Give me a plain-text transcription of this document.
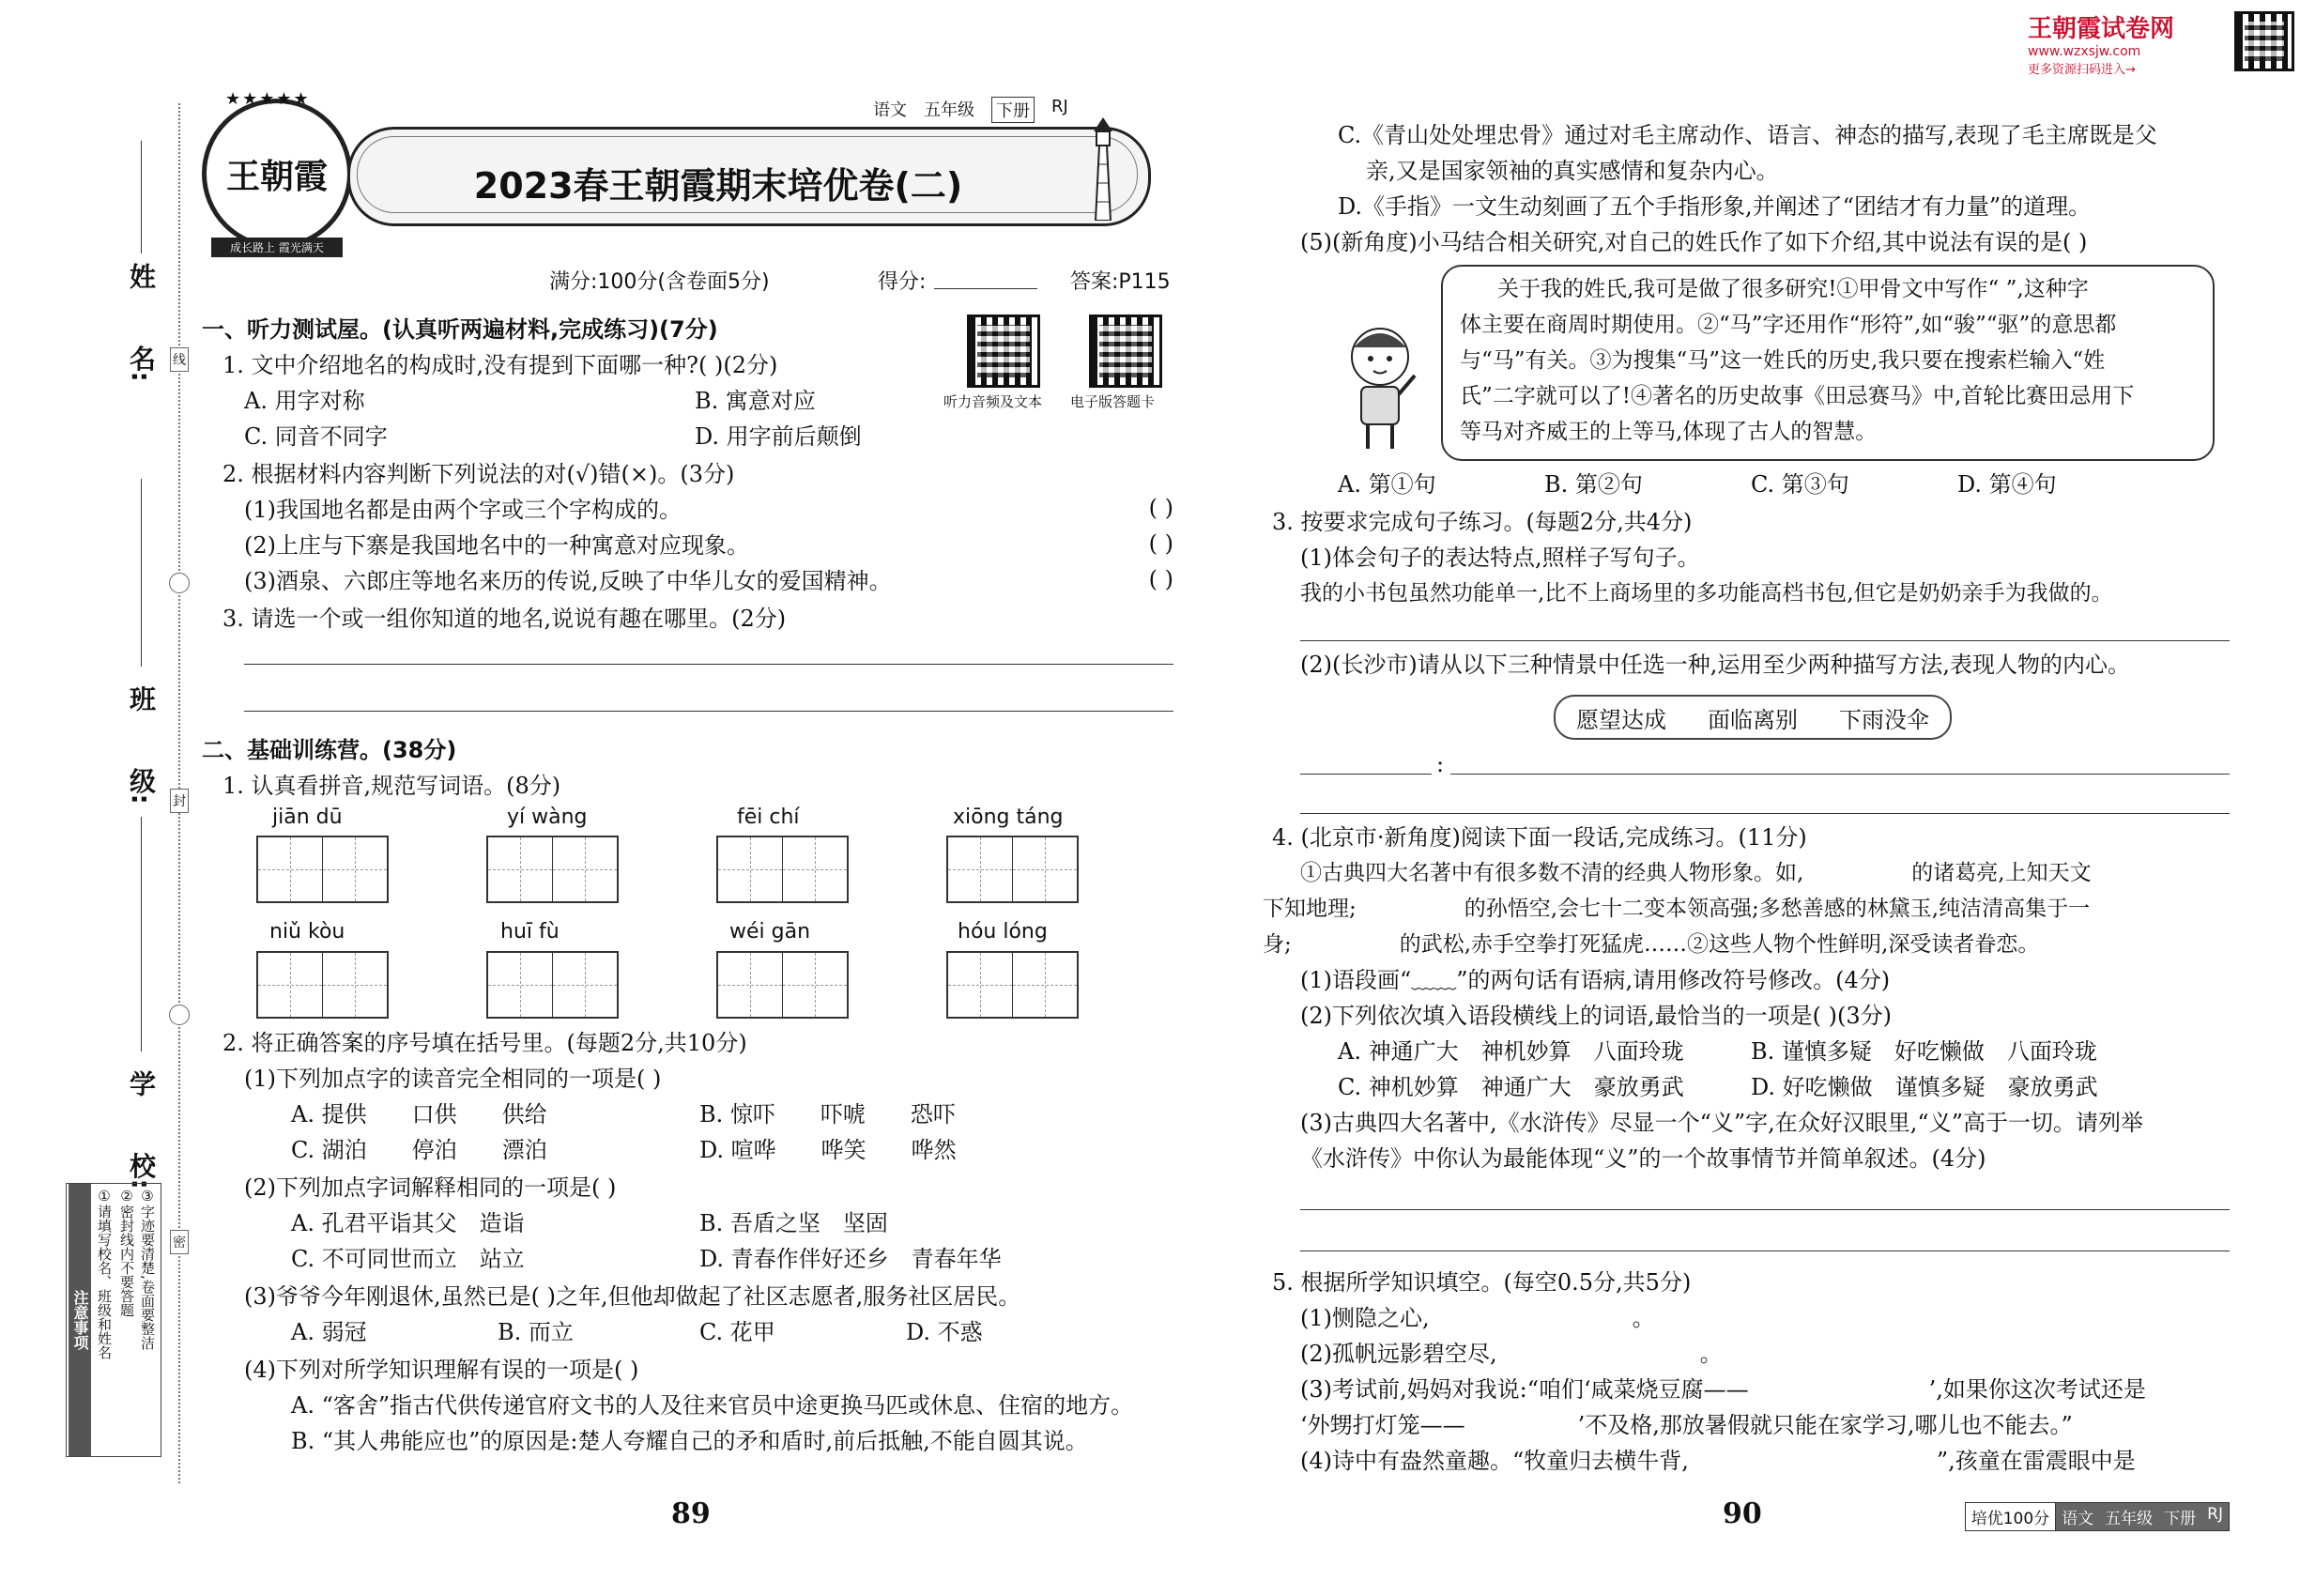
姓  名:
班  级:
学  校:
线
封
密
注意事项 ①请填写校名、班级和姓名 ②密封线内不要答题 ③字迹要清楚,卷面要整洁
王朝霞
成长路上 霞光满天
★★★★★
语文 五年级 下册 RJ
2023春王朝霞期末培优卷(二)
满分:100分(含卷面5分)	得分:	答案:P115
听力音频及文本 电子版答题卡
一、听力测试屋。(认真听两遍材料,完成练习)(7分)
1. 文中介绍地名的构成时,没有提到下面哪一种?( )(2分)
A. 用字对称	B. 寓意对应
C. 同音不同字	D. 用字前后颠倒
2. 根据材料内容判断下列说法的对(√)错(×)。(3分)
(1)我国地名都是由两个字或三个字构成的。	( )
(2)上庄与下寨是我国地名中的一种寓意对应现象。	( )
(3)酒泉、六郎庄等地名来历的传说,反映了中华儿女的爱国精神。	( )
3. 请选一个或一组你知道的地名,说说有趣在哪里。(2分)
二、基础训练营。(38分)
1. 认真看拼音,规范写词语。(8分)
jiān dū	yí wàng	fēi chí	xiōng táng
niǔ kòu	huī fù	wéi gān	hóu lóng
2. 将正确答案的序号填在括号里。(每题2分,共10分)
(1)下列加点字的读音完全相同的一项是( )
A. 提供　　口供　　供给	B. 惊吓　　吓唬　　恐吓
C. 湖泊　　停泊　　漂泊	D. 喧哗　　哗笑　　哗然
(2)下列加点字词解释相同的一项是( )
A. 孔君平诣其父　造诣	B. 吾盾之坚　坚固
C. 不可同世而立　站立	D. 青春作伴好还乡　青春年华
(3)爷爷今年刚退休,虽然已是( )之年,但他却做起了社区志愿者,服务社区居民。
A. 弱冠	B. 而立	C. 花甲	D. 不惑
(4)下列对所学知识理解有误的一项是( )
A. “客舍”指古代供传递官府文书的人及往来官员中途更换马匹或休息、住宿的地方。
B. “其人弗能应也”的原因是:楚人夸耀自己的矛和盾时,前后抵触,不能自圆其说。
89
C.《青山处处埋忠骨》通过对毛主席动作、语言、神态的描写,表现了毛主席既是父
亲,又是国家领袖的真实感情和复杂内心。
D.《手指》一文生动刻画了五个手指形象,并阐述了“团结才有力量”的道理。
(5)(新角度)小马结合相关研究,对自己的姓氏作了如下介绍,其中说法有误的是( )
关于我的姓氏,我可是做了很多研究!①甲骨文中写作“ ”,这种字
体主要在商周时期使用。②“马”字还用作“形符”,如“骏”“驱”的意思都
与“马”有关。③为搜集“马”这一姓氏的历史,我只要在搜索栏输入“姓
氏”二字就可以了!④著名的历史故事《田忌赛马》中,首轮比赛田忌用下
等马对齐威王的上等马,体现了古人的智慧。
A. 第①句	B. 第②句	C. 第③句	D. 第④句
3. 按要求完成句子练习。(每题2分,共4分)
(1)体会句子的表达特点,照样子写句子。
我的小书包虽然功能单一,比不上商场里的多功能高档书包,但它是奶奶亲手为我做的。
(2)(长沙市)请从以下三种情景中任选一种,运用至少两种描写方法,表现人物的内心。
愿望达成 面临离别 下雨没伞
:
4. (北京市·新角度)阅读下面一段话,完成练习。(11分)
①古典四大名著中有很多数不清的经典人物形象。如,　　　　　的诸葛亮,上知天文
下知地理;　　　　　的孙悟空,会七十二变本领高强;多愁善感的林黛玉,纯洁清高集于一
身;　　　　　的武松,赤手空拳打死猛虎……②这些人物个性鲜明,深受读者眷恋。
(1)语段画“﹏﹏”的两句话有语病,请用修改符号修改。(4分)
(2)下列依次填入语段横线上的词语,最恰当的一项是( )(3分)
A. 神通广大　神机妙算　八面玲珑	B. 谨慎多疑　好吃懒做　八面玲珑
C. 神机妙算　神通广大　豪放勇武	D. 好吃懒做　谨慎多疑　豪放勇武
(3)古典四大名著中,《水浒传》尽显一个“义”字,在众好汉眼里,“义”高于一切。请列举
《水浒传》中你认为最能体现“义”的一个故事情节并简单叙述。(4分)
5. 根据所学知识填空。(每空0.5分,共5分)
(1)恻隐之心,　　　　　　　　　。
(2)孤帆远影碧空尽,　　　　　　　　　。
(3)考试前,妈妈对我说:“咱们‘咸菜烧豆腐——　　　　　　　　’,如果你这次考试还是
‘外甥打灯笼——　　　　　’不及格,那放暑假就只能在家学习,哪儿也不能去。”
(4)诗中有盎然童趣。“牧童归去横牛背,　　　　　　　　　　　”,孩童在雷震眼中是
90	培优100分 语文 五年级 下册 RJ
王朝霞试卷网
www.wzxsjw.com
更多资源扫码进入→
